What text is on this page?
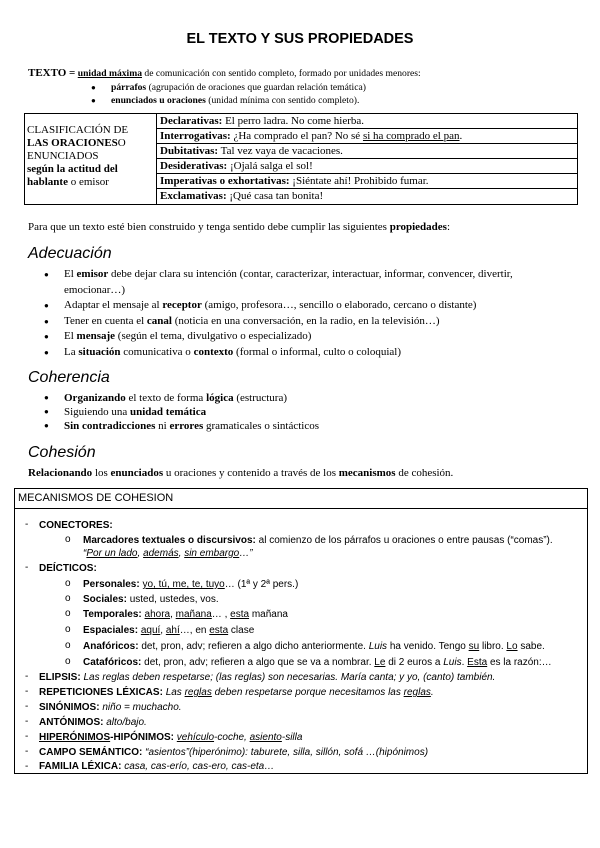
EL TEXTO Y SUS PROPIEDADES
TEXTO = unidad máxima de comunicación con sentido completo, formado por unidades menores:
● párrafos (agrupación de oraciones que guardan relación temática)
● enunciados u oraciones (unidad mínima con sentido completo).
CLASIFICACIÓN DE
LAS ORACIONESO
ENUNCIADOS
según la actitud del
hablante o emisor
Declarativas: El perro ladra. No come hierba.
Interrogativas: ¿Ha comprado el pan? No sé si ha comprado el pan.
Dubitativas: Tal vez vaya de vacaciones.
Desiderativas: ¡Ojalá salga el sol!
Imperativas o exhortativas: ¡Siéntate ahí! Prohibido fumar.
Exclamativas: ¡Qué casa tan bonita!
Para que un texto esté bien construido y tenga sentido debe cumplir las siguientes propiedades:
Adecuación
● El emisor debe dejar clara su intención (contar, caracterizar, interactuar, informar, convencer, divertir,
emocionar…)
● Adaptar el mensaje al receptor (amigo, profesora…, sencillo o elaborado, cercano o distante)
● Tener en cuenta el canal (noticia en una conversación, en la radio, en la televisión…)
● El mensaje (según el tema, divulgativo o especializado)
● La situación comunicativa o contexto (formal o informal, culto o coloquial)
Coherencia
● Organizando el texto de forma lógica (estructura)
● Siguiendo una unidad temática
● Sin contradicciones ni errores gramaticales o sintácticos
Cohesión
Relacionando los enunciados u oraciones y contenido a través de los mecanismos de cohesión.
MECANISMOS DE COHESION
- CONECTORES:
o Marcadores textuales o discursivos: al comienzo de los párrafos u oraciones o entre pausas (“comas”).
“Por un lado, además, sin embargo…”
- DEÍCTICOS:
o Personales: yo, tú, me, te, tuyo… (1ª y 2ª pers.)
o Sociales: usted, ustedes, vos.
o Temporales: ahora, mañana… , esta mañana
o Espaciales: aquí, ahí…, en esta clase
o Anafóricos: det, pron, adv; refieren a algo dicho anteriormente. Luis ha venido. Tengo su libro. Lo sabe.
o Catafóricos: det, pron, adv; refieren a algo que se va a nombrar. Le di 2 euros a Luis. Esta es la razón:…
- ELIPSIS: Las reglas deben respetarse; (las reglas) son necesarias. María canta; y yo, (canto) también.
- REPETICIONES LÉXICAS: Las reglas deben respetarse porque necesitamos las reglas.
- SINÓNIMOS: niño = muchacho.
- ANTÓNIMOS: alto/bajo.
- HIPERÓNIMOS-HIPÓNIMOS: vehículo-coche, asiento-silla
- CAMPO SEMÁNTICO: “asientos”(hiperónimo): taburete, silla, sillón, sofá …(hipónimos)
- FAMILIA LÉXICA: casa, cas-erío, cas-ero, cas-eta…
